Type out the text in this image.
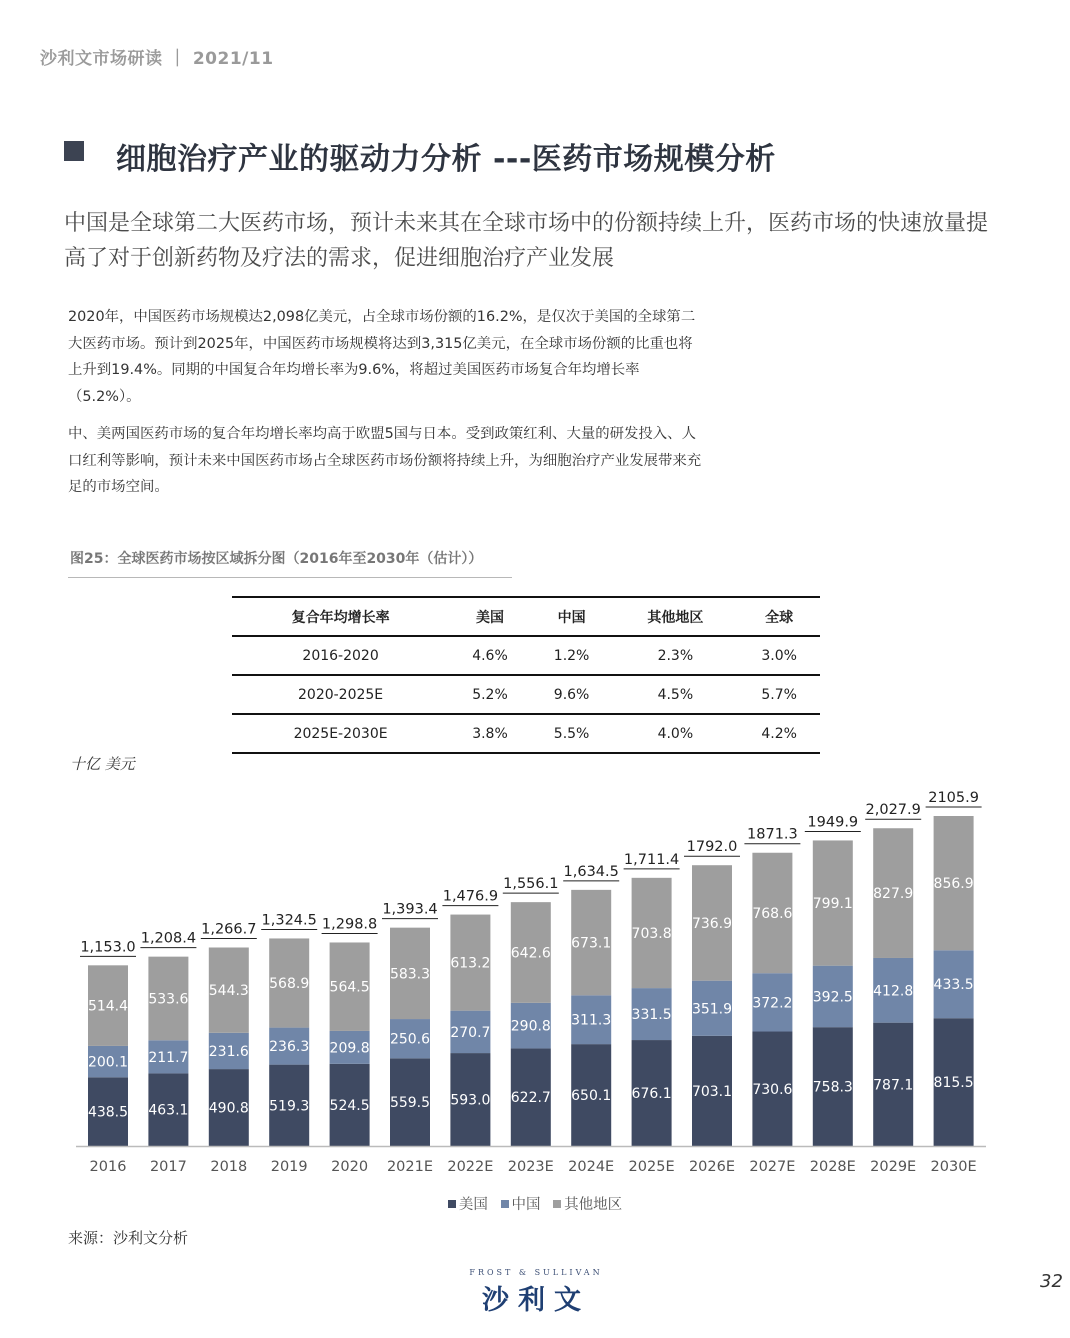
沙利文市场研读 ｜ 2021/11
细胞治疗产业的驱动力分析 ---医药市场规模分析
中国是全球第二大医药市场，预计未来其在全球市场中的份额持续上升，医药市场的快速放量提高了对于创新药物及疗法的需求，促进细胞治疗产业发展
2020年，中国医药市场规模达2,098亿美元，占全球市场份额的16.2%，是仅次于美国的全球第二大医药市场。预计到2025年，中国医药市场规模将达到3,315亿美元，在全球市场份额的比重也将上升到19.4%。同期的中国复合年均增长率为9.6%，将超过美国医药市场复合年均增长率（5.2%）。
中、美两国医药市场的复合年均增长率均高于欧盟5国与日本。受到政策红利、大量的研发投入、人口红利等影响，预计未来中国医药市场占全球医药市场份额将持续上升，为细胞治疗产业发展带来充足的市场空间。
图25：全球医药市场按区域拆分图（2016年至2030年（估计））
复合年均增长率	美国	中国	其他地区	全球
2016-2020	4.6%	1.2%	2.3%	3.0%
2020-2025E	5.2%	9.6%	4.5%	5.7%
2025E-2030E	3.8%	5.5%	4.0%	4.2%
十亿 美元
438.5
200.1
514.4
1,153.0
2016
463.1
211.7
533.6
1,208.4
2017
490.8
231.6
544.3
1,266.7
2018
519.3
236.3
568.9
1,324.5
2019
524.5
209.8
564.5
1,298.8
2020
559.5
250.6
583.3
1,393.4
2021E
593.0
270.7
613.2
1,476.9
2022E
622.7
290.8
642.6
1,556.1
2023E
650.1
311.3
673.1
1,634.5
2024E
676.1
331.5
703.8
1,711.4
2025E
703.1
351.9
736.9
1792.0
2026E
730.6
372.2
768.6
1871.3
2027E
758.3
392.5
799.1
1949.9
2028E
787.1
412.8
827.9
2,027.9
2029E
815.5
433.5
856.9
2105.9
2030E
美国 中国 其他地区
来源：沙利文分析
FROST & SULLIVAN
沙利文
32
